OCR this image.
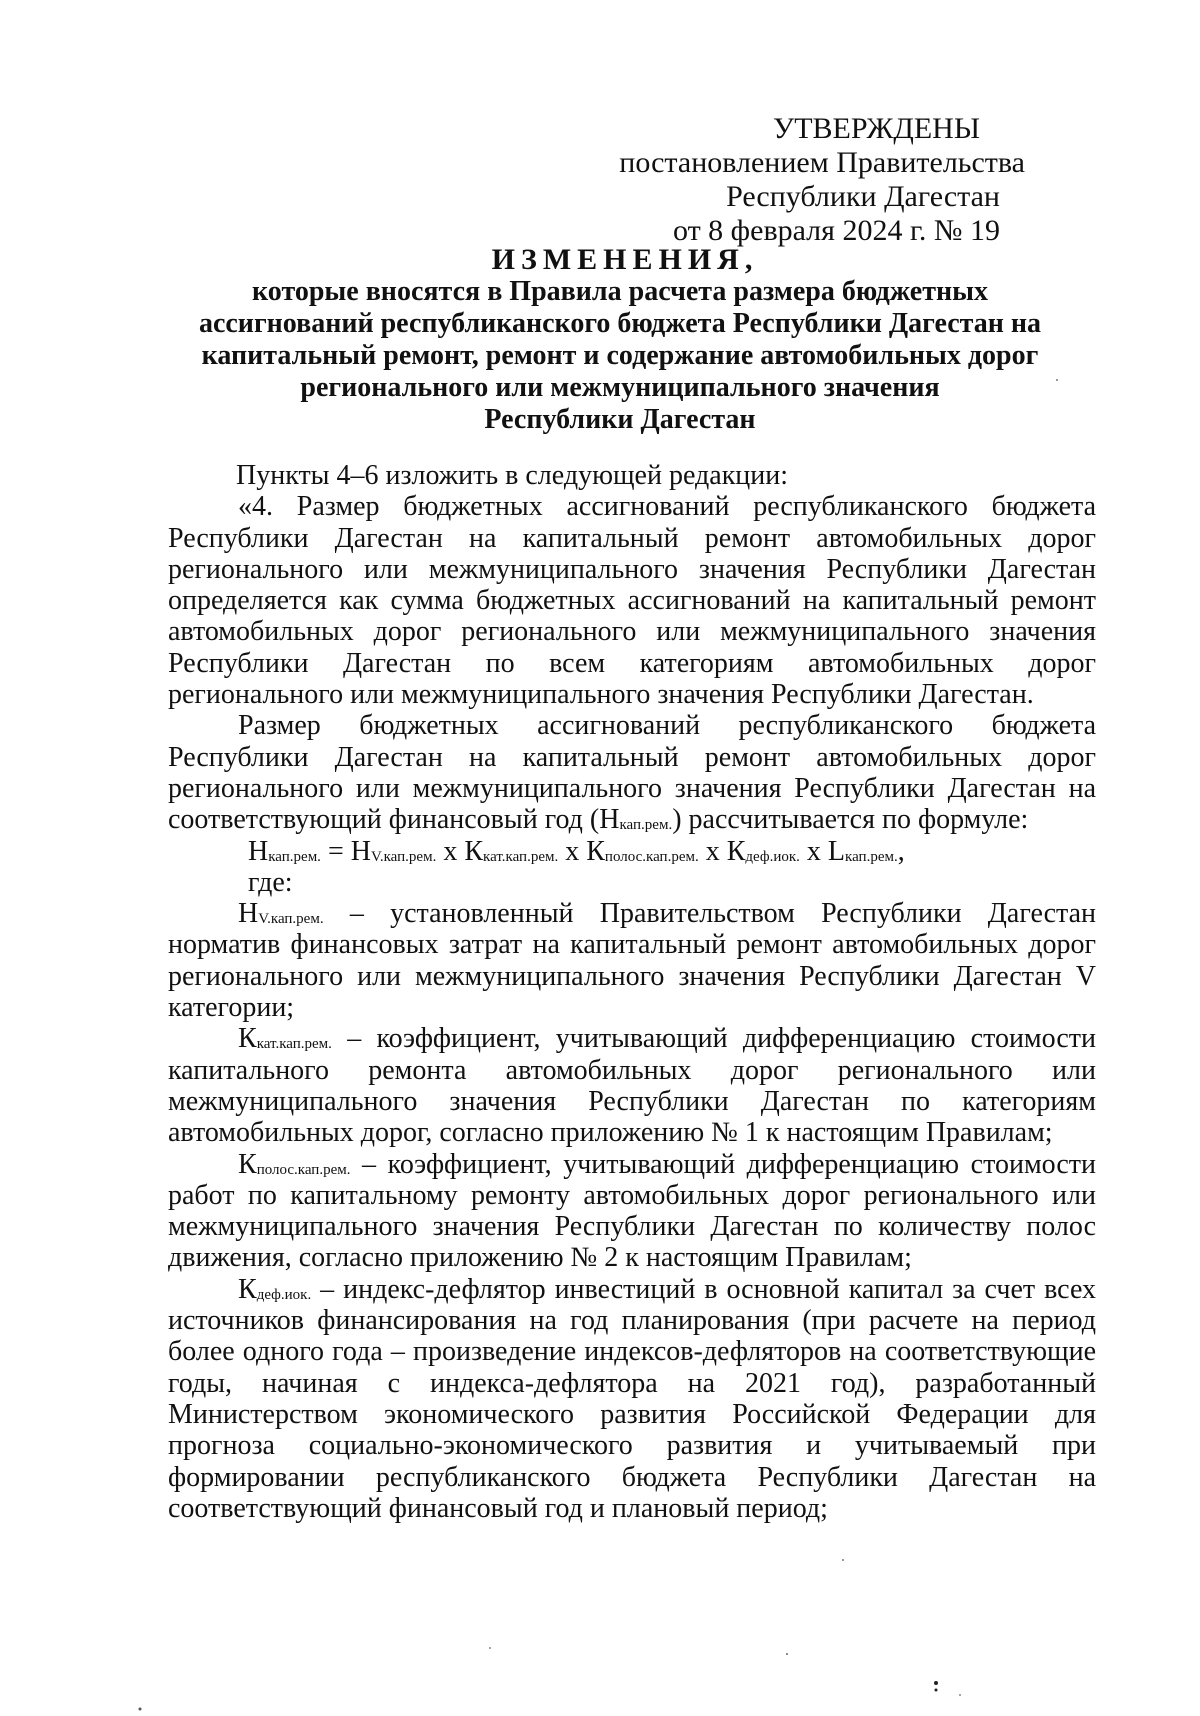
УТВЕРЖДЕНЫ
постановлением Правительства
Республики Дагестан
от 8 февраля 2024 г. № 19
ИЗМЕНЕНИЯ,
которые вносятся в Правила расчета размера бюджетных
ассигнований республиканского бюджета Республики Дагестан на
капитальный ремонт, ремонт и содержание автомобильных дорог
регионального или межмуниципального значения
Республики Дагестан

Пункты 4–6 изложить в следующей редакции:

«4. Размер бюджетных ассигнований республиканского бюджета Республики Дагестан на капитальный ремонт автомобильных дорог регионального или межмуниципального значения Республики Дагестан определяется как сумма бюджетных ассигнований на капитальный ремонт автомобильных дорог регионального или межмуниципального значения Республики Дагестан по всем категориям автомобильных дорог регионального или межмуниципального значения Республики Дагестан.

Размер бюджетных ассигнований республиканского бюджета Республики Дагестан на капитальный ремонт автомобильных дорог регионального или межмуниципального значения Республики Дагестан на соответствующий финансовый год $(Н_{кап.рем.})$ рассчитывается по формуле:

$Н_{кап.рем.} = Н_{V.кап.рем.}$ x $К_{кат.кап.рем.}$ x $К_{полос.кап.рем.}$ x $К_{деф.иок.}$ x $L_{кап.рем.}$,

где:

$Н_{V.кап.рем.}$ – установленный Правительством Республики Дагестан норматив финансовых затрат на капитальный ремонт автомобильных дорог регионального или межмуниципального значения Республики Дагестан V категории;

$К_{кат.кап.рем.}$ – коэффициент, учитывающий дифференциацию стоимости капитального ремонта автомобильных дорог регионального или межмуниципального значения Республики Дагестан по категориям автомобильных дорог, согласно приложению № 1 к настоящим Правилам;

$К_{полос.кап.рем.}$ – коэффициент, учитывающий дифференциацию стоимости работ по капитальному ремонту автомобильных дорог регионального или межмуниципального значения Республики Дагестан по количеству полос движения, согласно приложению № 2 к настоящим Правилам;

$К_{деф.иок.}$ – индекс-дефлятор инвестиций в основной капитал за счет всех источников финансирования на год планирования (при расчете на период более одного года – произведение индексов-дефляторов на соответствующие годы, начиная с индекса-дефлятора на 2021 год), разработанный Министерством экономического развития Российской Федерации для прогноза социально-экономического развития и учитываемый при формировании республиканского бюджета Республики Дагестан на соответствующий финансовый год и плановый период;
